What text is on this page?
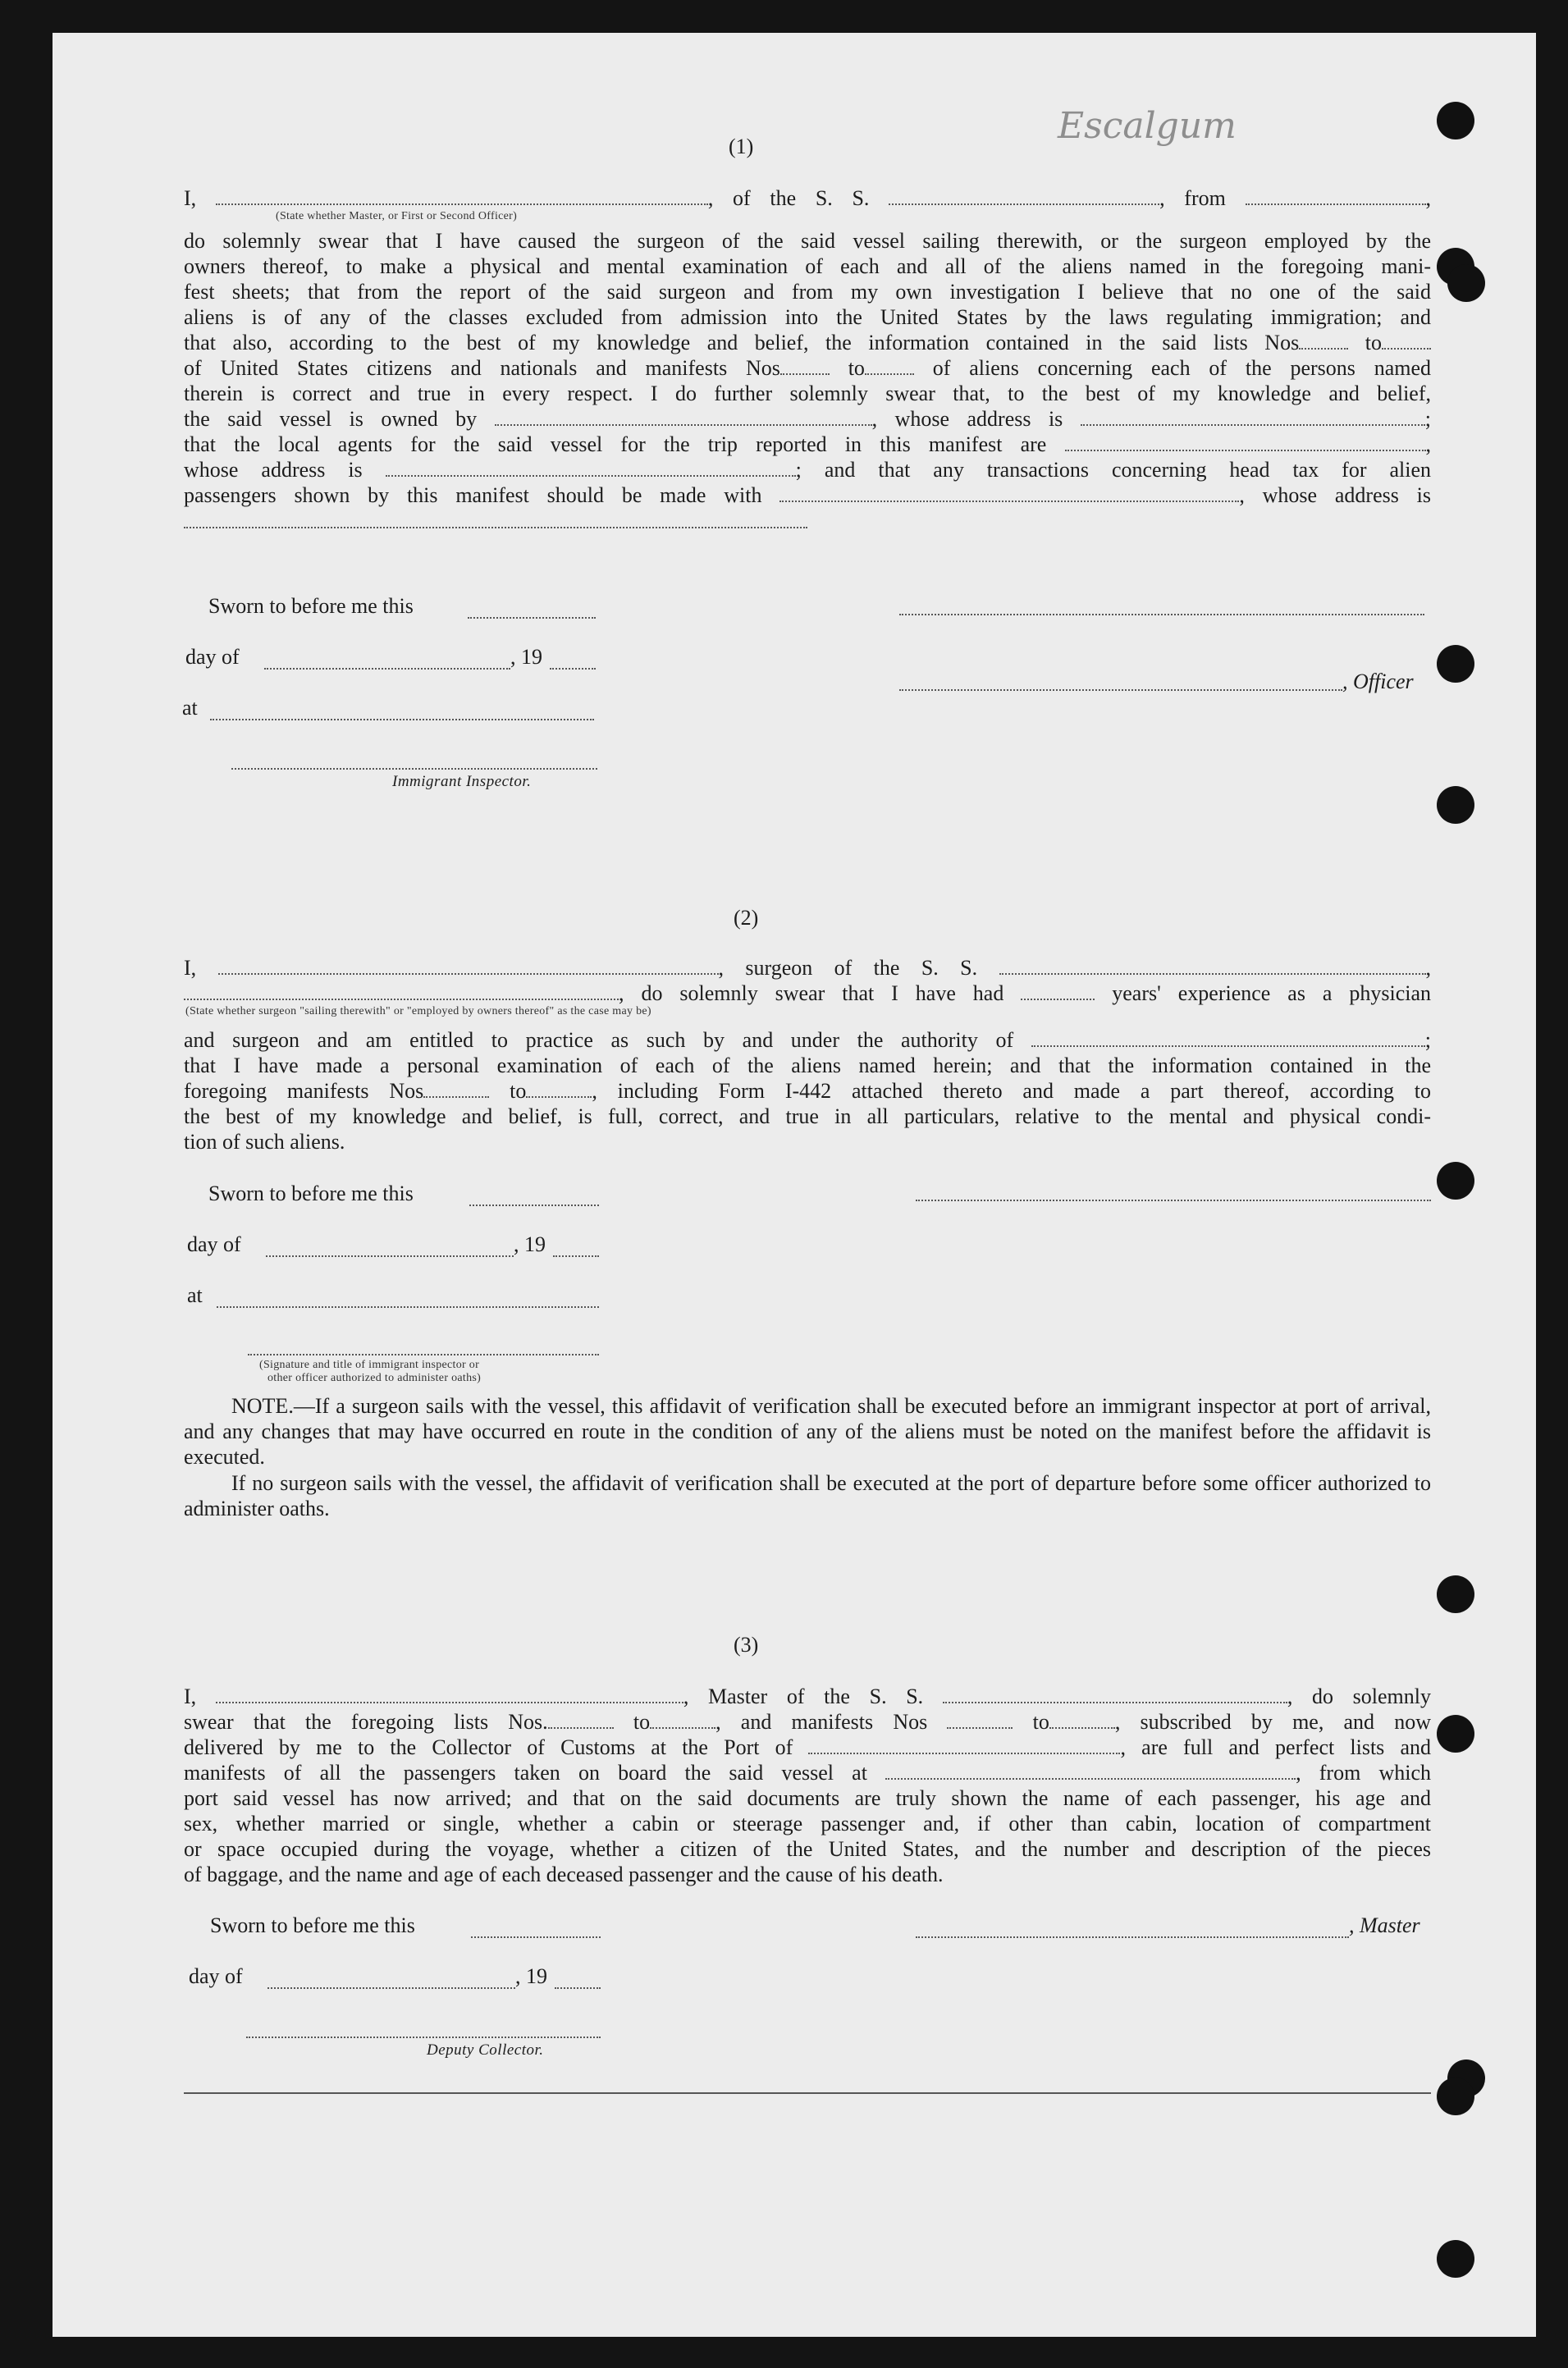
Escalgum
(1)
I,	, of the S. S.	, from	,
(State whether Master, or First or Second Officer)
do solemnly swear that I have caused the surgeon of the said vessel sailing therewith, or the surgeon employed by the
owners thereof, to make a physical and mental examination of each and all of the aliens named in the foregoing mani-
fest sheets; that from the report of the said surgeon and from my own investigation I believe that no one of the said
aliens is of any of the classes excluded from admission into the United States by the laws regulating immigration; and
that also, according to the best of my knowledge and belief, the information contained in the said lists Nos	to
of United States citizens and nationals and manifests Nos	to	of aliens concerning each of the persons named
therein is correct and true in every respect. I do further solemnly swear that, to the best of my knowledge and belief,
the said vessel is owned by	, whose address is	;
that the local agents for the said vessel for the trip reported in this manifest are	,
whose address is	; and that any transactions concerning head tax for alien
passengers shown by this manifest should be made with	, whose address is
Sworn to before me this
day of	, 19
, Officer
at
Immigrant Inspector.
(2)
I,	, surgeon of the S. S.	,
, do solemnly swear that I have had	years' experience as a physician
(State whether surgeon "sailing therewith" or "employed by owners thereof" as the case may be)
and surgeon and am entitled to practice as such by and under the authority of	;
that I have made a personal examination of each of the aliens named herein; and that the information contained in the
foregoing manifests Nos	to	, including Form I-442 attached thereto and made a part thereof, according to
the best of my knowledge and belief, is full, correct, and true in all particulars, relative to the mental and physical condi-
tion of such aliens.
Sworn to before me this
day of	, 19
at
(Signature and title of immigrant inspector or
other officer authorized to administer oaths)
NOTE.—If a surgeon sails with the vessel, this affidavit of verification shall be executed before an immigrant inspector at port of arrival, and any changes that may have occurred en route in the condition of any of the aliens must be noted on the manifest before the affidavit is executed.
If no surgeon sails with the vessel, the affidavit of verification shall be executed at the port of departure before some officer authorized to administer oaths.
(3)
I,	, Master of the S. S.	, do solemnly
swear that the foregoing lists Nos.	to	, and manifests Nos	to	, subscribed by me, and now
delivered by me to the Collector of Customs at the Port of	, are full and perfect lists and
manifests of all the passengers taken on board the said vessel at	, from which
port said vessel has now arrived; and that on the said documents are truly shown the name of each passenger, his age and
sex, whether married or single, whether a cabin or steerage passenger and, if other than cabin, location of compartment
or space occupied during the voyage, whether a citizen of the United States, and the number and description of the pieces
of baggage, and the name and age of each deceased passenger and the cause of his death.
Sworn to before me this	, Master
day of	, 19
Deputy Collector.
